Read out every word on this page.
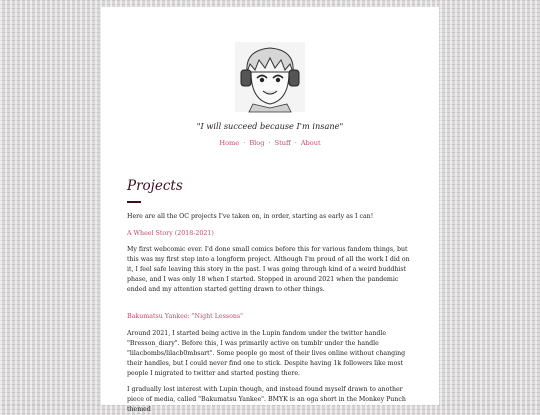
"I will succeed because I'm insane"
Home · Blog · Stuff · About
Projects

Here are all the OC projects I've taken on, in order, starting as early as I can!

A Wheel Story (2018-2021)

My first webcomic ever. I'd done small comics before this for various fandom things, but this was my first step into a longform project. Although I'm proud of all the work I did on it, I feel safe leaving this story in the past. I was going through kind of a weird buddhist phase, and I was only 18 when I started. Stopped in around 2021 when the pandemic ended and my attention started getting drawn to other things.

Bakumatsu Yankee: "Night Lessons"

Around 2021, I started being active in the Lupin fandom under the twitter handle "Bresson_diary". Before this, I was primarily active on tumblr under the handle "lilacbombs/lilacb0mbsart". Some people go most of their lives online without changing their handles, but I could never find one to stick. Despite having 1k followers like most people I migrated to twitter and started posting there.

I gradually lost interest with Lupin though, and instead found myself drawn to another piece of media, called "Bakumatsu Yankee". BMYK is an oga short in the Monkey Punch themed
